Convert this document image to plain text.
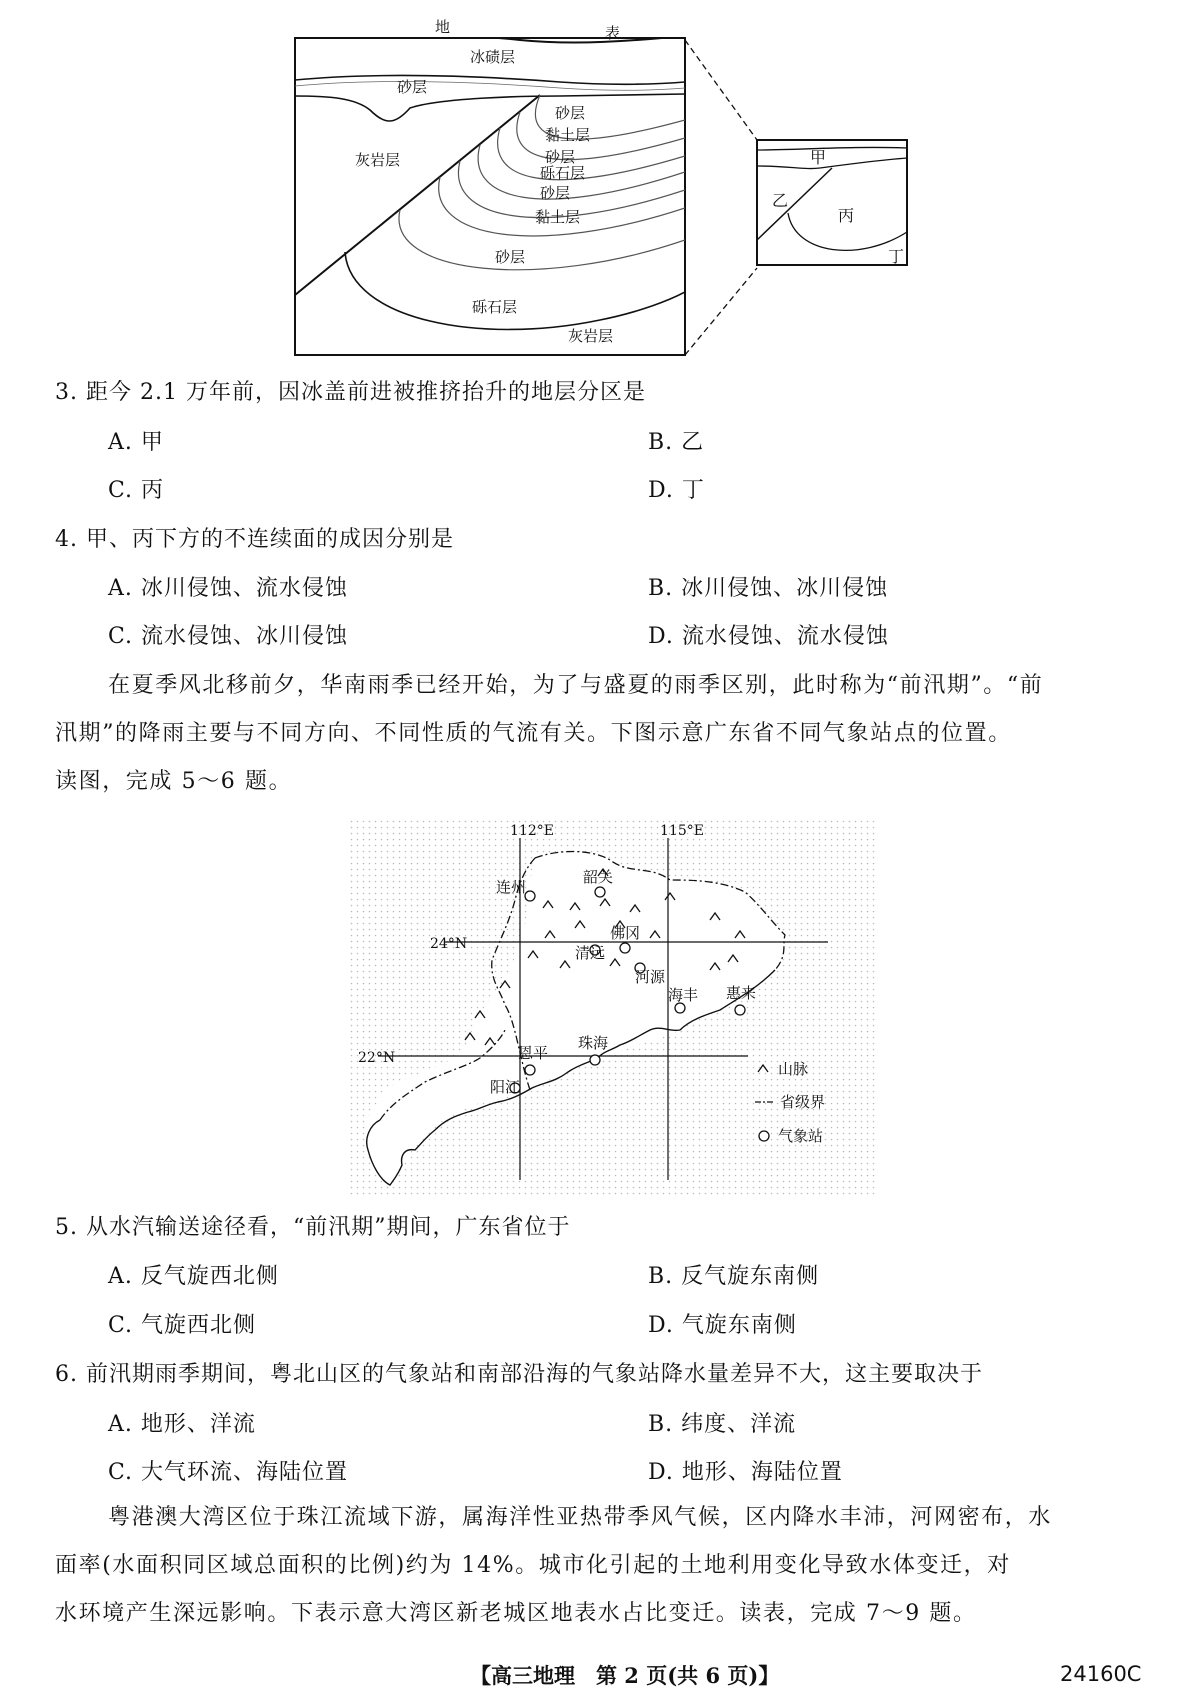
地	表
冰碛层
砂层
灰岩层
砂层
黏土层
砂层
砾石层
砂层
黏土层
砂层
砾石层
灰岩层
甲
乙
丙
丁
3. 距今 2.1 万年前，因冰盖前进被推挤抬升的地层分区是
A. 甲	B. 乙
C. 丙	D. 丁
4. 甲、丙下方的不连续面的成因分别是
A. 冰川侵蚀、流水侵蚀	B. 冰川侵蚀、冰川侵蚀
C. 流水侵蚀、冰川侵蚀	D. 流水侵蚀、流水侵蚀
在夏季风北移前夕，华南雨季已经开始，为了与盛夏的雨季区别，此时称为“前汛期”。“前
汛期”的降雨主要与不同方向、不同性质的气流有关。下图示意广东省不同气象站点的位置。
读图，完成 5～6 题。
112°E	115°E
24°N
22°N
连州
韶关
佛冈
清远
河源
海丰 惠来
恩平
珠海
阳江
山脉
省级界
气象站
5. 从水汽输送途径看，“前汛期”期间，广东省位于
A. 反气旋西北侧	B. 反气旋东南侧
C. 气旋西北侧	D. 气旋东南侧
6. 前汛期雨季期间，粤北山区的气象站和南部沿海的气象站降水量差异不大，这主要取决于
A. 地形、洋流	B. 纬度、洋流
C. 大气环流、海陆位置	D. 地形、海陆位置
粤港澳大湾区位于珠江流域下游，属海洋性亚热带季风气候，区内降水丰沛，河网密布，水
面率(水面积同区域总面积的比例)约为 14%。城市化引起的土地利用变化导致水体变迁，对
水环境产生深远影响。下表示意大湾区新老城区地表水占比变迁。读表，完成 7～9 题。
【高三地理　第 2 页(共 6 页)】	24160C
